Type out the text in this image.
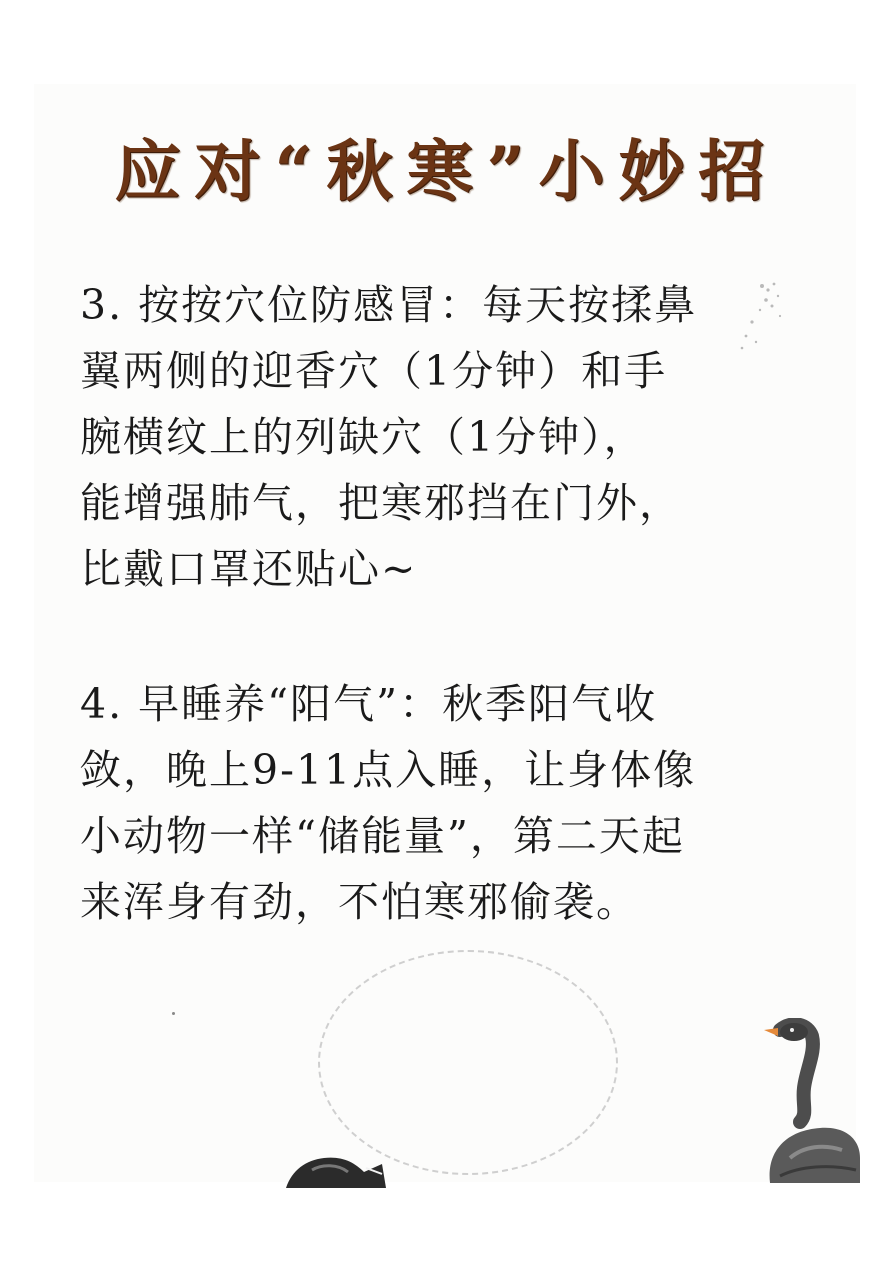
应对“秋寒”小妙招
3. 按按穴位防感冒：每天按揉鼻
翼两侧的迎香穴（1分钟）和手
腕横纹上的列缺穴（1分钟），
能增强肺气，把寒邪挡在门外，
比戴口罩还贴心~
4. 早睡养“阳气”：秋季阳气收
敛，晚上9-11点入睡，让身体像
小动物一样“储能量”，第二天起
来浑身有劲，不怕寒邪偷袭。
